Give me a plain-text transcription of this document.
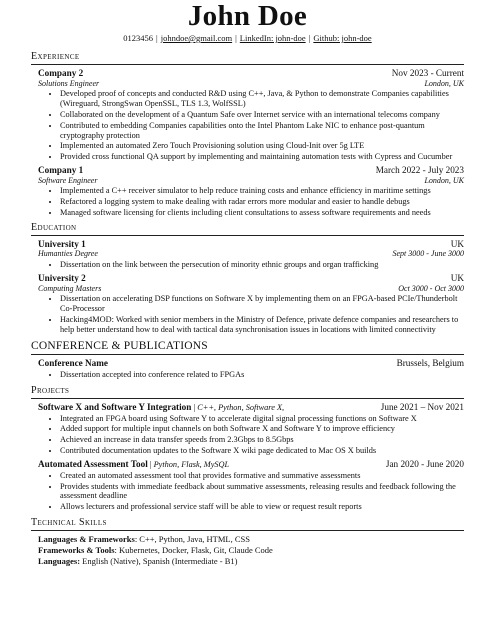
John Doe
0123456 | johndoe@gmail.com | LinkedIn: john-doe | Github: john-doe
Experience
Company 2	Nov 2023 - Current
Solutions Engineer	London, UK
• Developed proof of concepts and conducted R&D using C++, Java, & Python to demonstrate Companies capabilities (Wireguard, StrongSwan OpenSSL, TLS 1.3, WolfSSL)
• Collaborated on the development of a Quantum Safe over Internet service with an international telecoms company
• Contributed to embedding Companies capabilities onto the Intel Phantom Lake NIC to enhance post-quantum cryptography protection
• Implemented an automated Zero Touch Provisioning solution using Cloud-Init over 5g LTE
• Provided cross functional QA support by implementing and maintaining automation tests with Cypress and Cucumber
Company 1	March 2022 - July 2023
Software Engineer	London, UK
• Implemented a C++ receiver simulator to help reduce training costs and enhance efficiency in maritime settings
• Refactored a logging system to make dealing with radar errors more modular and easier to handle debugs
• Managed software licensing for clients including client consultations to assess software requirements and needs
Education
University 1	UK
Humanties Degree	Sept 3000 - June 3000
• Dissertation on the link between the persecution of minority ethnic groups and organ trafficking
University 2	UK
Computing Masters	Oct 3000 - Oct 3000
• Dissertation on accelerating DSP functions on Software X by implementing them on an FPGA-based PCIe/Thunderbolt Co-Processor
• Hacking4MOD: Worked with senior members in the Ministry of Defence, private defence companies and researchers to help better understand how to deal with tactical data synchronisation issues in locations with limited connectivity
CONFERENCE & PUBLICATIONS
Conference Name	Brussels, Belgium
• Dissertation accepted into conference related to FPGAs
Projects
Software X and Software Y Integration | C++, Python, Software X,	June 2021 – Nov 2021
• Integrated an FPGA board using Software Y to accelerate digital signal processing functions on Software X
• Added support for multiple input channels on both Software X and Software Y to improve efficiency
• Achieved an increase in data transfer speeds from 2.3Gbps to 8.5Gbps
• Contributed documentation updates to the Software X wiki page dedicated to Mac OS X builds
Automated Assessment Tool | Python, Flask, MySQL	Jan 2020 - June 2020
• Created an automated assessment tool that provides formative and summative assessments
• Provides students with immediate feedback about summative assessments, releasing results and feedback following the assessment deadline
• Allows lecturers and professional service staff will be able to view or request result reports
Technical Skills
Languages & Frameworks: C++, Python, Java, HTML, CSS
Frameworks & Tools: Kubernetes, Docker, Flask, Git, Claude Code
Languages: English (Native), Spanish (Intermediate - B1)
